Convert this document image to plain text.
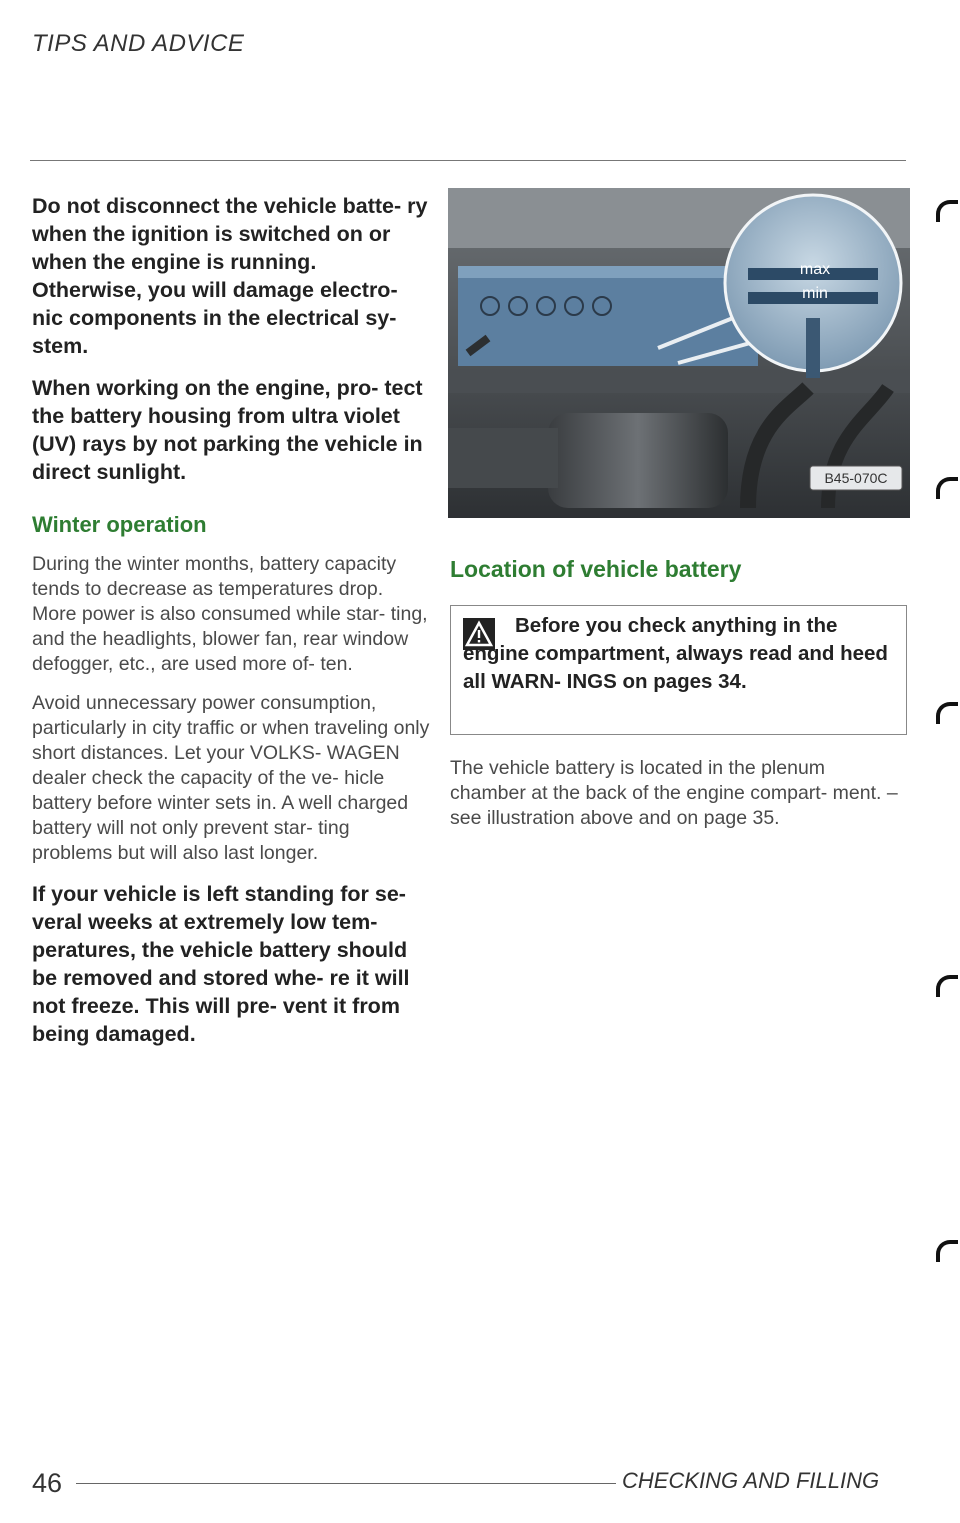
TIPS AND ADVICE

Do not disconnect the vehicle batte- ry when the ignition is switched on or when the engine is running. Otherwise, you will damage electro- nic components in the electrical sy- stem.

When working on the engine, pro- tect the battery housing from ultra violet (UV) rays by not parking the vehicle in direct sunlight.

Winter operation

During the winter months, battery capacity tends to decrease as temperatures drop. More power is also consumed while star- ting, and the headlights, blower fan, rear window defogger, etc., are used more of- ten.

Avoid unnecessary power consumption, particularly in city traffic or when traveling only short distances. Let your VOLKS- WAGEN dealer check the capacity of the ve- hicle battery before winter sets in. A well charged battery will not only prevent star- ting problems but will also last longer.

If your vehicle is left standing for se- veral weeks at extremely low tem- peratures, the vehicle battery should be removed and stored whe- re it will not freeze. This will pre- vent it from being damaged.

max
min
B45-070C

Location of vehicle battery

Before you check anything in the engine compartment, always read and heed all WARN- INGS on pages 34.

The vehicle battery is located in the plenum chamber at the back of the engine compart- ment. – see illustration above and on page 35.

46	CHECKING AND FILLING
